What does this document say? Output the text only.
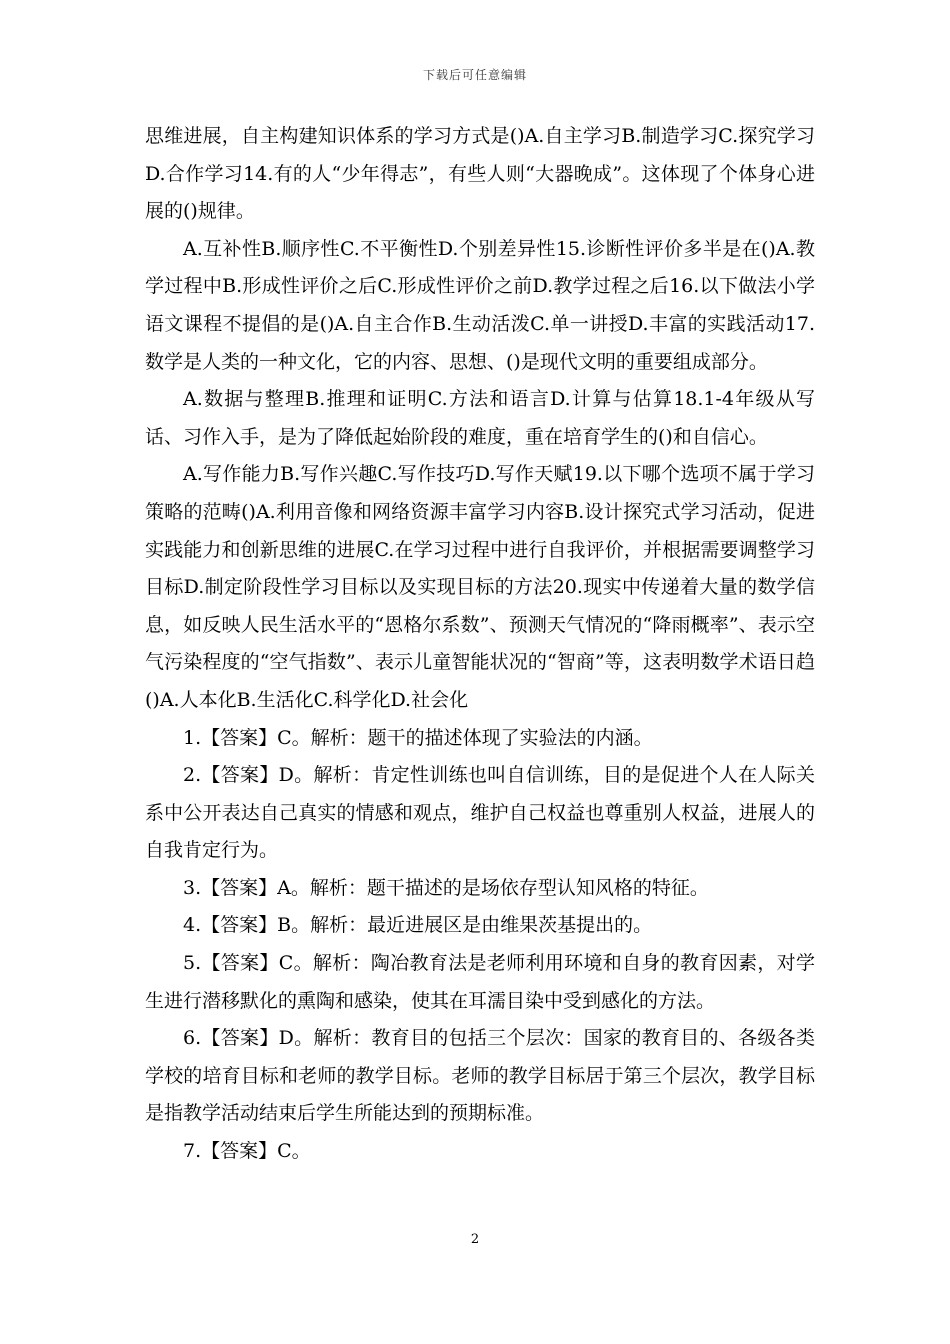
下载后可任意编辑

思维进展，自主构建知识体系的学习方式是()A.自主学习B.制造学习C.探究学习D.合作学习14.有的人“少年得志”，有些人则“大器晚成”。这体现了个体身心进展的()规律。

A.互补性B.顺序性C.不平衡性D.个别差异性15.诊断性评价多半是在()A.教学过程中B.形成性评价之后C.形成性评价之前D.教学过程之后16.以下做法小学语文课程不提倡的是()A.自主合作B.生动活泼C.单一讲授D.丰富的实践活动17.数学是人类的一种文化，它的内容、思想、()是现代文明的重要组成部分。

A.数据与整理B.推理和证明C.方法和语言D.计算与估算18.1-4年级从写话、习作入手，是为了降低起始阶段的难度，重在培育学生的()和自信心。

A.写作能力B.写作兴趣C.写作技巧D.写作天赋19.以下哪个选项不属于学习策略的范畴()A.利用音像和网络资源丰富学习内容B.设计探究式学习活动，促进实践能力和创新思维的进展C.在学习过程中进行自我评价，并根据需要调整学习目标D.制定阶段性学习目标以及实现目标的方法20.现实中传递着大量的数学信息，如反映人民生活水平的“恩格尔系数”、预测天气情况的“降雨概率”、表示空气污染程度的“空气指数”、表示儿童智能状况的“智商”等，这表明数学术语日趋()A.人本化B.生活化C.科学化D.社会化

1.【答案】C。解析：题干的描述体现了实验法的内涵。

2.【答案】D。解析：肯定性训练也叫自信训练，目的是促进个人在人际关系中公开表达自己真实的情感和观点，维护自己权益也尊重别人权益，进展人的自我肯定行为。

3.【答案】A。解析：题干描述的是场依存型认知风格的特征。

4.【答案】B。解析：最近进展区是由维果茨基提出的。

5.【答案】C。解析：陶冶教育法是老师利用环境和自身的教育因素，对学生进行潜移默化的熏陶和感染，使其在耳濡目染中受到感化的方法。

6.【答案】D。解析：教育目的包括三个层次：国家的教育目的、各级各类学校的培育目标和老师的教学目标。老师的教学目标居于第三个层次，教学目标是指教学活动结束后学生所能达到的预期标准。

7.【答案】C。

2
